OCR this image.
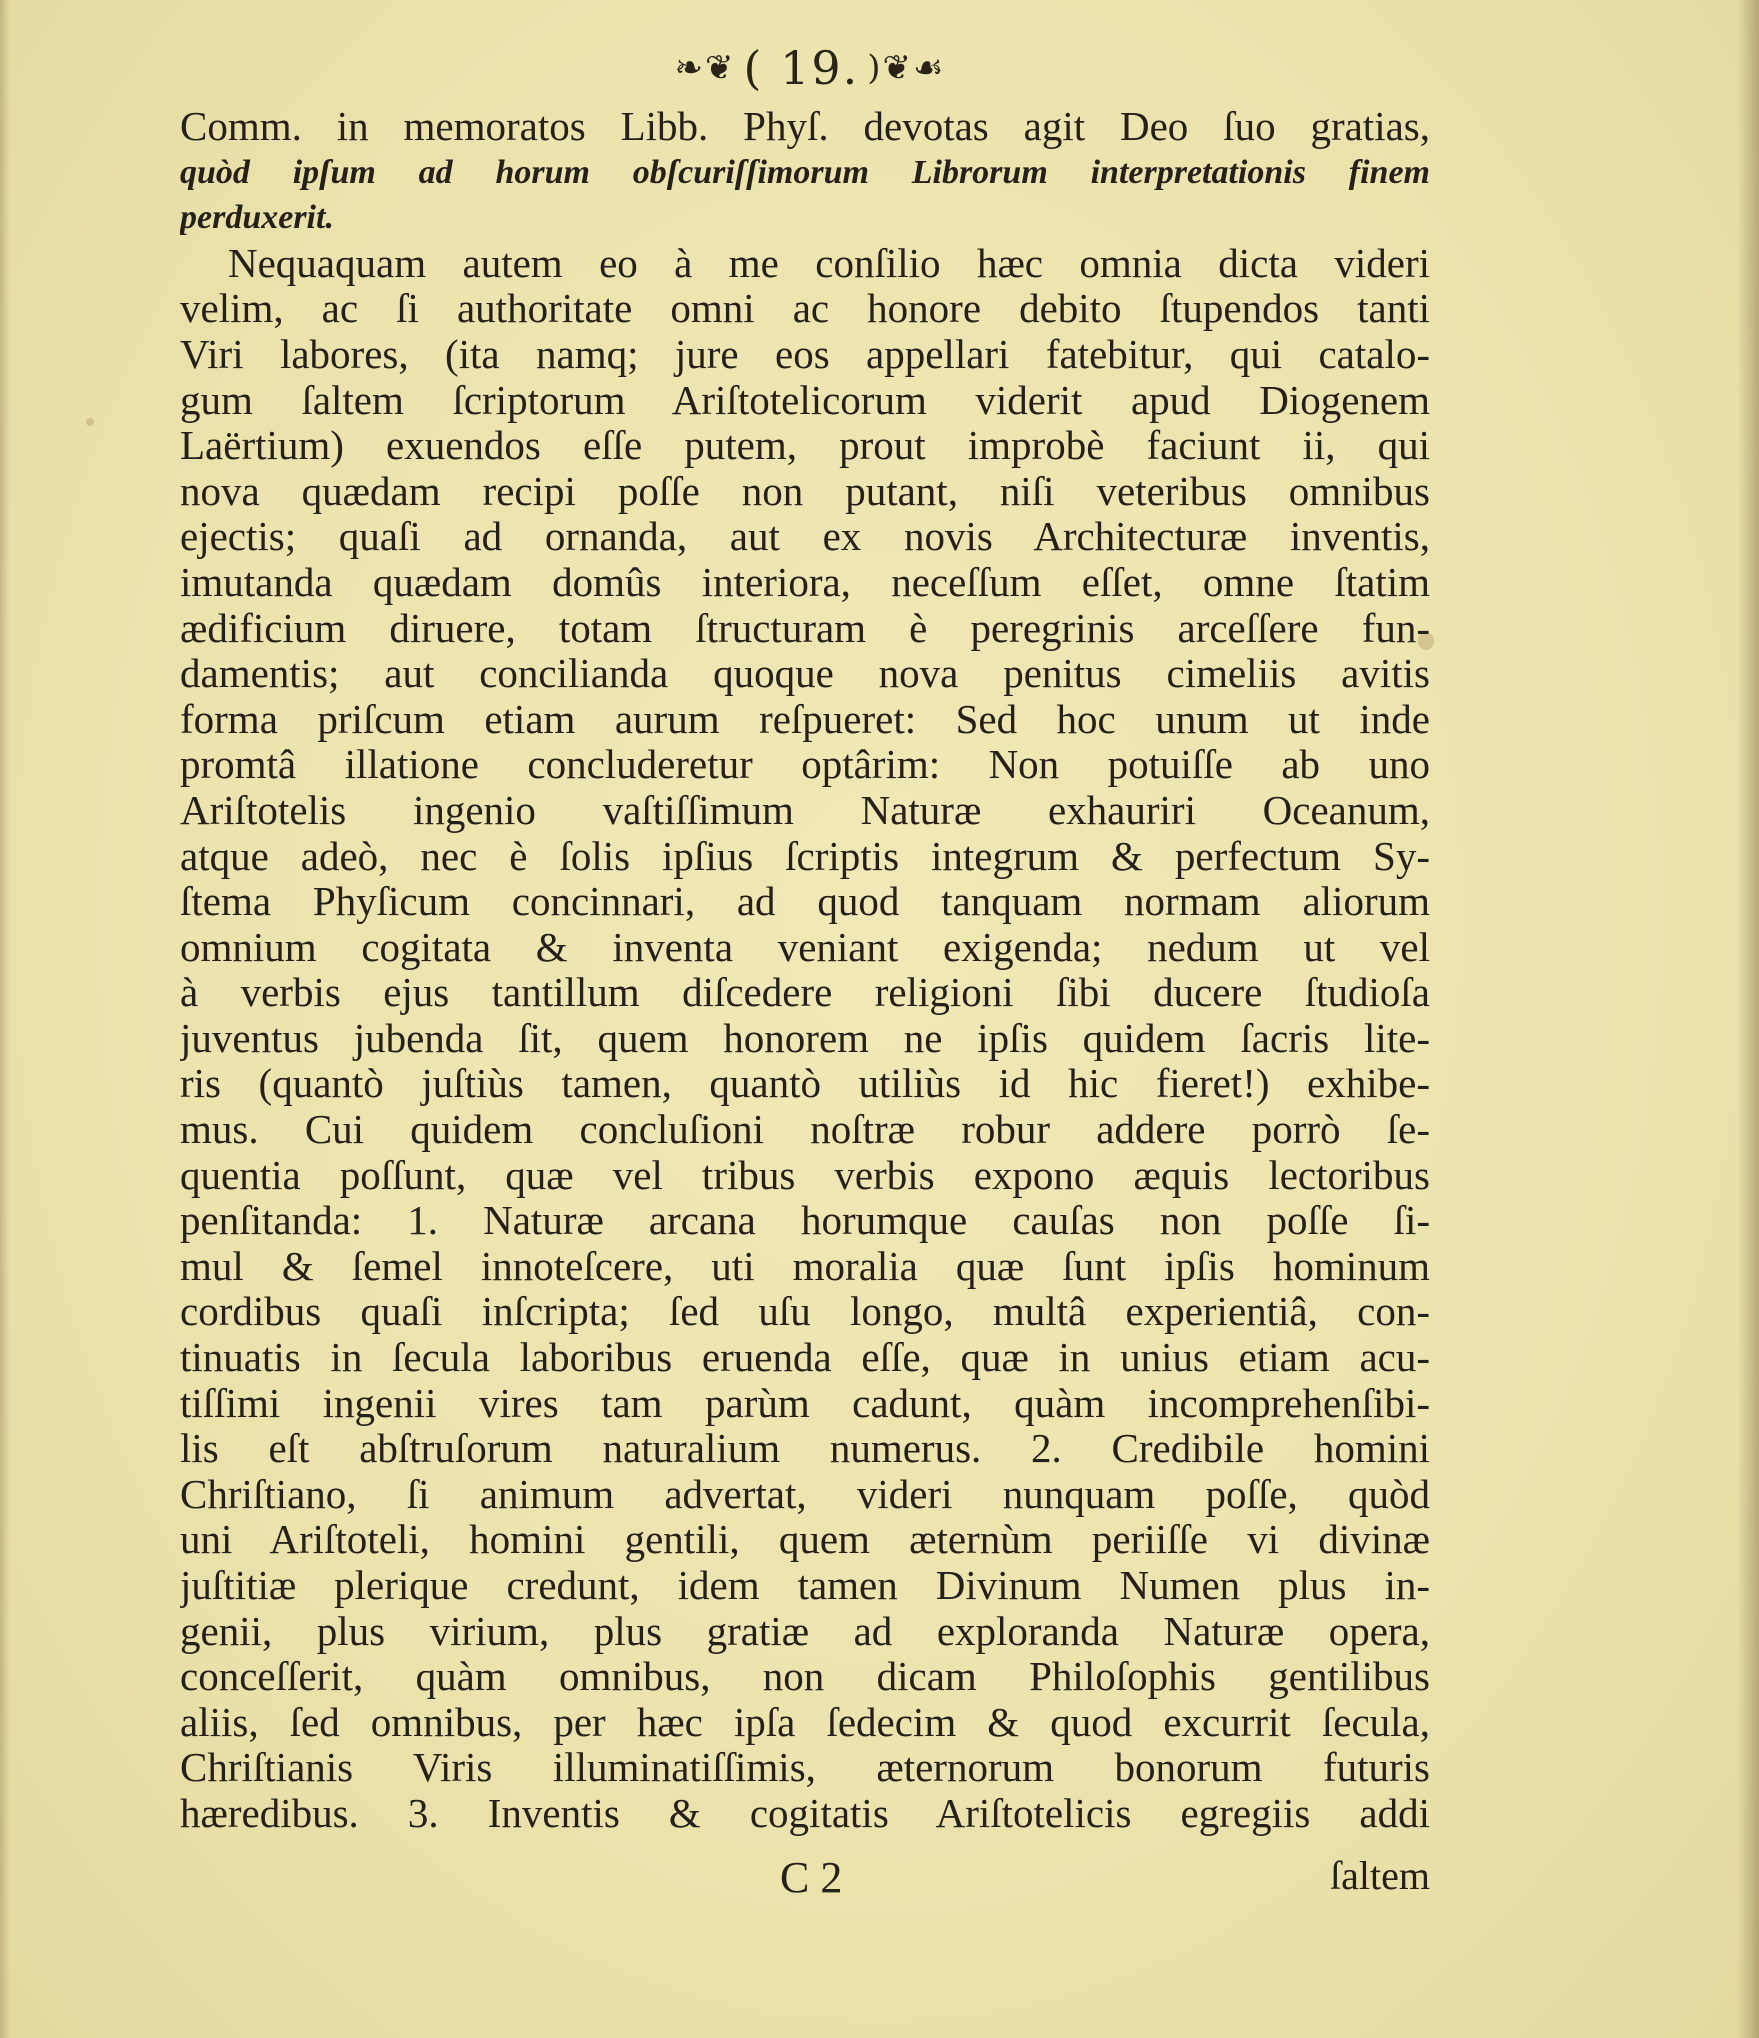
❧❦ ( 19. )❦☙
Comm. in memoratos Libb. Phyſ. devotas agit Deo ſuo gratias,
quòd ipſum ad horum obſcuriſſimorum Librorum interpretationis finem
perduxerit.
Nequaquam autem eo à me conſilio hæc omnia dicta videri
velim, ac ſi authoritate omni ac honore debito ſtupendos tanti
Viri labores, (ita namq; jure eos appellari fatebitur, qui catalo-
gum ſaltem ſcriptorum Ariſtotelicorum viderit apud Diogenem
Laërtium) exuendos eſſe putem, prout improbè faciunt ii, qui
nova quædam recipi poſſe non putant, niſi veteribus omnibus
ejectis; quaſi ad ornanda, aut ex novis Architecturæ inventis,
imutanda quædam domûs interiora, neceſſum eſſet, omne ſtatim
ædificium diruere, totam ſtructuram è peregrinis arceſſere fun-
damentis; aut concilianda quoque nova penitus cimeliis avitis
forma priſcum etiam aurum reſpueret: Sed hoc unum ut inde
promtâ illatione concluderetur optârim: Non potuiſſe ab uno
Ariſtotelis ingenio vaſtiſſimum Naturæ exhauriri Oceanum,
atque adeò, nec è ſolis ipſius ſcriptis integrum & perfectum Sy-
ſtema Phyſicum concinnari, ad quod tanquam normam aliorum
omnium cogitata & inventa veniant exigenda; nedum ut vel
à verbis ejus tantillum diſcedere religioni ſibi ducere ſtudioſa
juventus jubenda ſit, quem honorem ne ipſis quidem ſacris lite-
ris (quantò juſtiùs tamen, quantò utiliùs id hic fieret!) exhibe-
mus. Cui quidem concluſioni noſtræ robur addere porrò ſe-
quentia poſſunt, quæ vel tribus verbis expono æquis lectoribus
penſitanda: 1. Naturæ arcana horumque cauſas non poſſe ſi-
mul & ſemel innoteſcere, uti moralia quæ ſunt ipſis hominum
cordibus quaſi inſcripta; ſed uſu longo, multâ experientiâ, con-
tinuatis in ſecula laboribus eruenda eſſe, quæ in unius etiam acu-
tiſſimi ingenii vires tam parùm cadunt, quàm incomprehenſibi-
lis eſt abſtruſorum naturalium numerus. 2. Credibile homini
Chriſtiano, ſi animum advertat, videri nunquam poſſe, quòd
uni Ariſtoteli, homini gentili, quem æternùm periiſſe vi divinæ
juſtitiæ plerique credunt, idem tamen Divinum Numen plus in-
genii, plus virium, plus gratiæ ad exploranda Naturæ opera,
conceſſerit, quàm omnibus, non dicam Philoſophis gentilibus
aliis, ſed omnibus, per hæc ipſa ſedecim & quod excurrit ſecula,
Chriſtianis Viris illuminatiſſimis, æternorum bonorum futuris
hæredibus. 3. Inventis & cogitatis Ariſtotelicis egregiis addi
C 2	ſaltem
